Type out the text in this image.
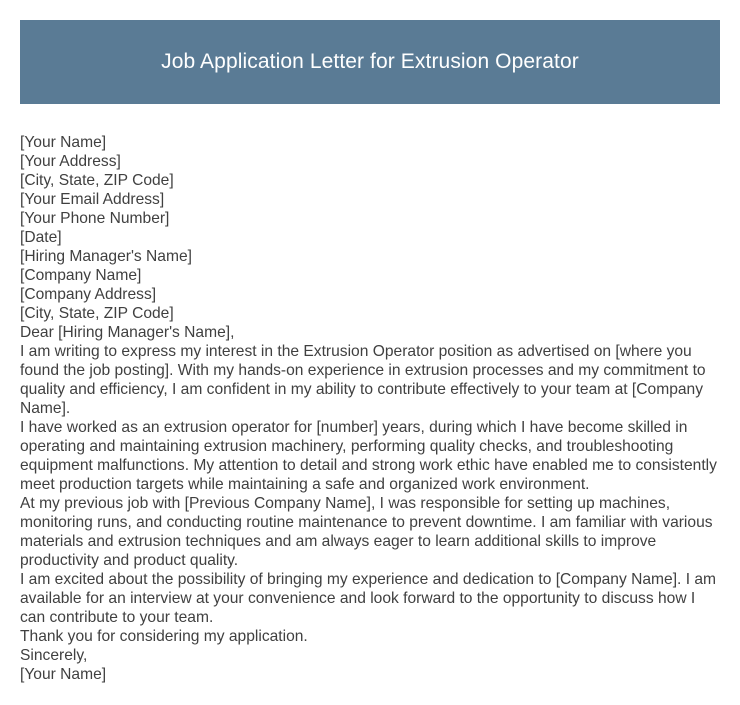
Job Application Letter for Extrusion Operator
[Your Name]
[Your Address]
[City, State, ZIP Code]
[Your Email Address]
[Your Phone Number]
[Date]
[Hiring Manager's Name]
[Company Name]
[Company Address]
[City, State, ZIP Code]
Dear [Hiring Manager's Name],

I am writing to express my interest in the Extrusion Operator position as advertised on [where you found the job posting]. With my hands-on experience in extrusion processes and my commitment to quality and efficiency, I am confident in my ability to contribute effectively to your team at [Company Name].

I have worked as an extrusion operator for [number] years, during which I have become skilled in operating and maintaining extrusion machinery, performing quality checks, and troubleshooting equipment malfunctions. My attention to detail and strong work ethic have enabled me to consistently meet production targets while maintaining a safe and organized work environment.

At my previous job with [Previous Company Name], I was responsible for setting up machines, monitoring runs, and conducting routine maintenance to prevent downtime. I am familiar with various materials and extrusion techniques and am always eager to learn additional skills to improve productivity and product quality.

I am excited about the possibility of bringing my experience and dedication to [Company Name]. I am available for an interview at your convenience and look forward to the opportunity to discuss how I can contribute to your team.

Thank you for considering my application.

Sincerely,
[Your Name]
